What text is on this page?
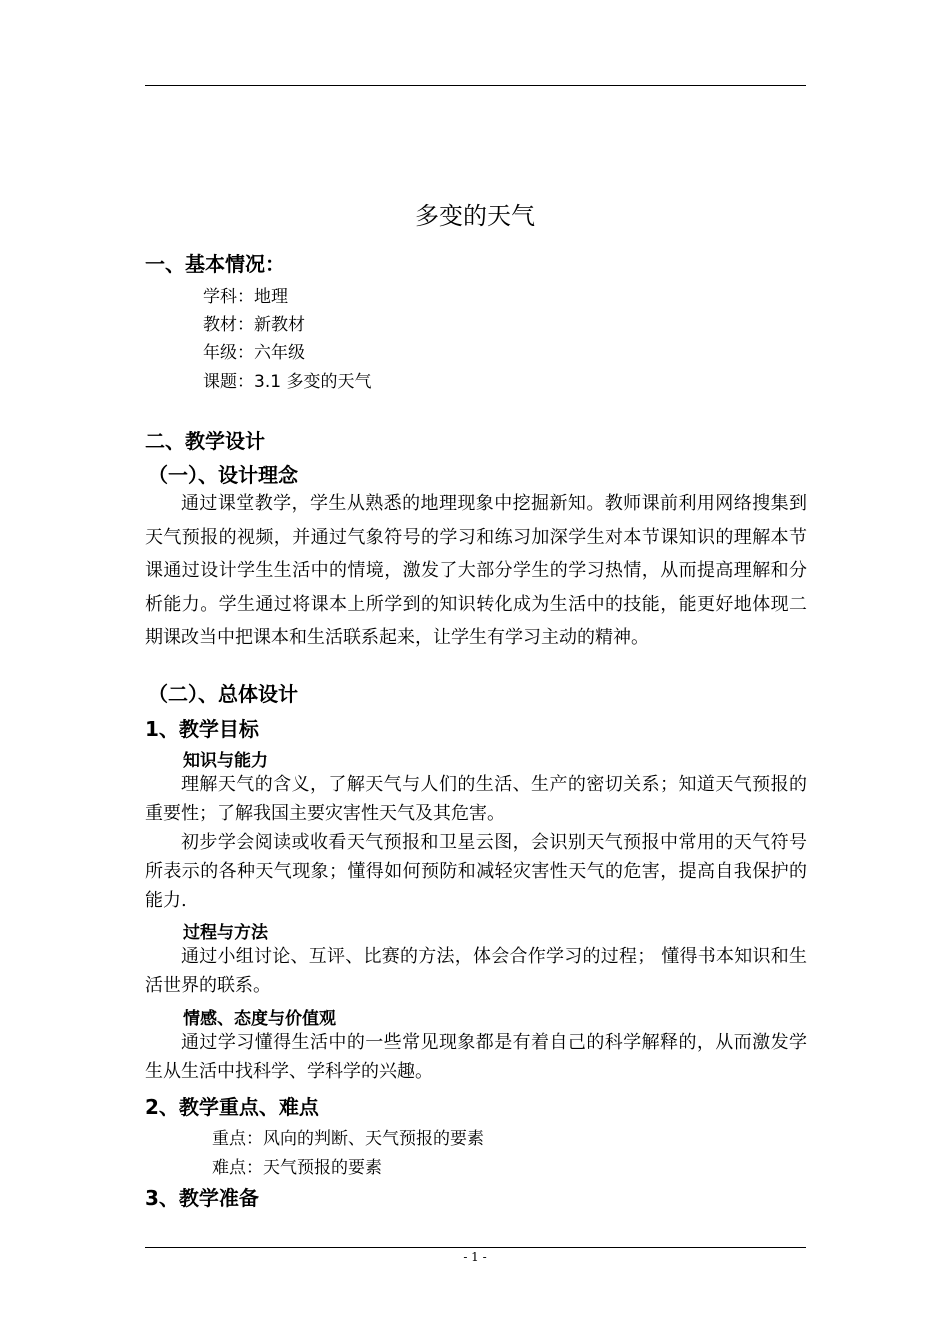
多变的天气
一、基本情况：
学科：地理
教材：新教材
年级：六年级
课题：3.1 多变的天气
二、教学设计
（一）、设计理念
通过课堂教学，学生从熟悉的地理现象中挖掘新知。教师课前利用网络搜集到天气预报的视频，并通过气象符号的学习和练习加深学生对本节课知识的理解本节课通过设计学生生活中的情境，激发了大部分学生的学习热情，从而提高理解和分析能力。学生通过将课本上所学到的知识转化成为生活中的技能，能更好地体现二期课改当中把课本和生活联系起来，让学生有学习主动的精神。
（二）、总体设计
1、教学目标
知识与能力
理解天气的含义，了解天气与人们的生活、生产的密切关系；知道天气预报的重要性；了解我国主要灾害性天气及其危害。
初步学会阅读或收看天气预报和卫星云图，会识别天气预报中常用的天气符号所表示的各种天气现象；懂得如何预防和减轻灾害性天气的危害，提高自我保护的能力.
过程与方法
通过小组讨论、互评、比赛的方法，体会合作学习的过程； 懂得书本知识和生活世界的联系。
情感、态度与价值观
通过学习懂得生活中的一些常见现象都是有着自己的科学解释的，从而激发学生从生活中找科学、学科学的兴趣。
2、教学重点、难点
重点：风向的判断、天气预报的要素
难点：天气预报的要素
3、教学准备
- 1 -
